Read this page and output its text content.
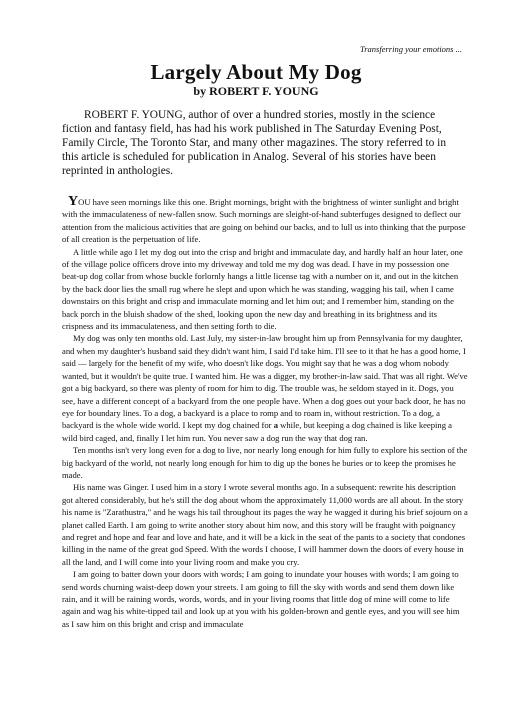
Transferring your emotions ...
Largely About My Dog
by ROBERT F. YOUNG

ROBERT F. YOUNG, author of over a hundred stories, mostly in the science fiction and fantasy field, has had his work published in The Saturday Evening Post, Family Circle, The Toronto Star, and many other magazines. The story referred to in this article is scheduled for publication in Analog. Several of his stories have been reprinted in anthologies.

YOU have seen mornings like this one. Bright mornings, bright with the brightness of winter sunlight and bright with the immaculateness of new-fallen snow. Such mornings are sleight-of-hand subterfuges designed to deflect our attention from the malicious activities that are going on behind our backs, and to lull us into thinking that the purpose of all creation is the perpetuation of life.

A little while ago I let my dog out into the crisp and bright and immaculate day, and hardly half an hour later, one of the village police officers drove into my driveway and told me my dog was dead. I have in my possession one beat-up dog collar from whose buckle forlornly hangs a little license tag with a number on it, and out in the kitchen by the back door lies the small rug where he slept and upon which he was standing, wagging his tail, when I came downstairs on this bright and crisp and immaculate morning and let him out; and I remember him, standing on the back porch in the bluish shadow of the shed, looking upon the new day and breathing in its brightness and its crispness and its immaculateness, and then setting forth to die.

My dog was only ten months old. Last July, my sister-in-law brought him up from Pennsylvania for my daughter, and when my daughter's husband said they didn't want him, I said I'd take him. I'll see to it that he has a good home, I said — largely for the benefit of my wife, who doesn't like dogs. You might say that he was a dog whom nobody wanted, but it wouldn't be quite true. I wanted him. He was a digger, my brother-in-law said. That was all right. We've got a big backyard, so there was plenty of room for him to dig. The trouble was, he seldom stayed in it. Dogs, you see, have a different concept of a backyard from the one people have. When a dog goes out your back door, he has no eye for boundary lines. To a dog, a backyard is a place to romp and to roam in, without restriction. To a dog, a backyard is the whole wide world. I kept my dog chained for a while, but keeping a dog chained is like keeping a wild bird caged, and, finally I let him run. You never saw a dog run the way that dog ran.

Ten months isn't very long even for a dog to live, nor nearly long enough for him fully to explore his section of the big backyard of the world, not nearly long enough for him to dig up the bones he buries or to keep the promises he made.

His name was Ginger. I used him in a story I wrote several months ago. In a subsequent: rewrite his description got altered considerably, but he's still the dog about whom the approximately 11,000 words are all about. In the story his name is "Zarathustra," and he wags his tail throughout its pages the way he wagged it during his brief sojourn on a planet called Earth. I am going to write another story about him now, and this story will be fraught with poignancy and regret and hope and fear and love and hate, and it will be a kick in the seat of the pants to a society that condones killing in the name of the great god Speed. With the words I choose, I will hammer down the doors of every house in all the land, and I will come into your living room and make you cry.

I am going to batter down your doors with words; I am going to inundate your houses with words; I am going to send words churning waist-deep down your streets. I am going to fill the sky with words and send them down like rain, and it will be raining words, words, words, and in your living rooms that little dog of mine will come to life again and wag his white-tipped tail and look up at you with his golden-brown and gentle eyes, and you will see him as I saw him on this bright and crisp and immaculate
